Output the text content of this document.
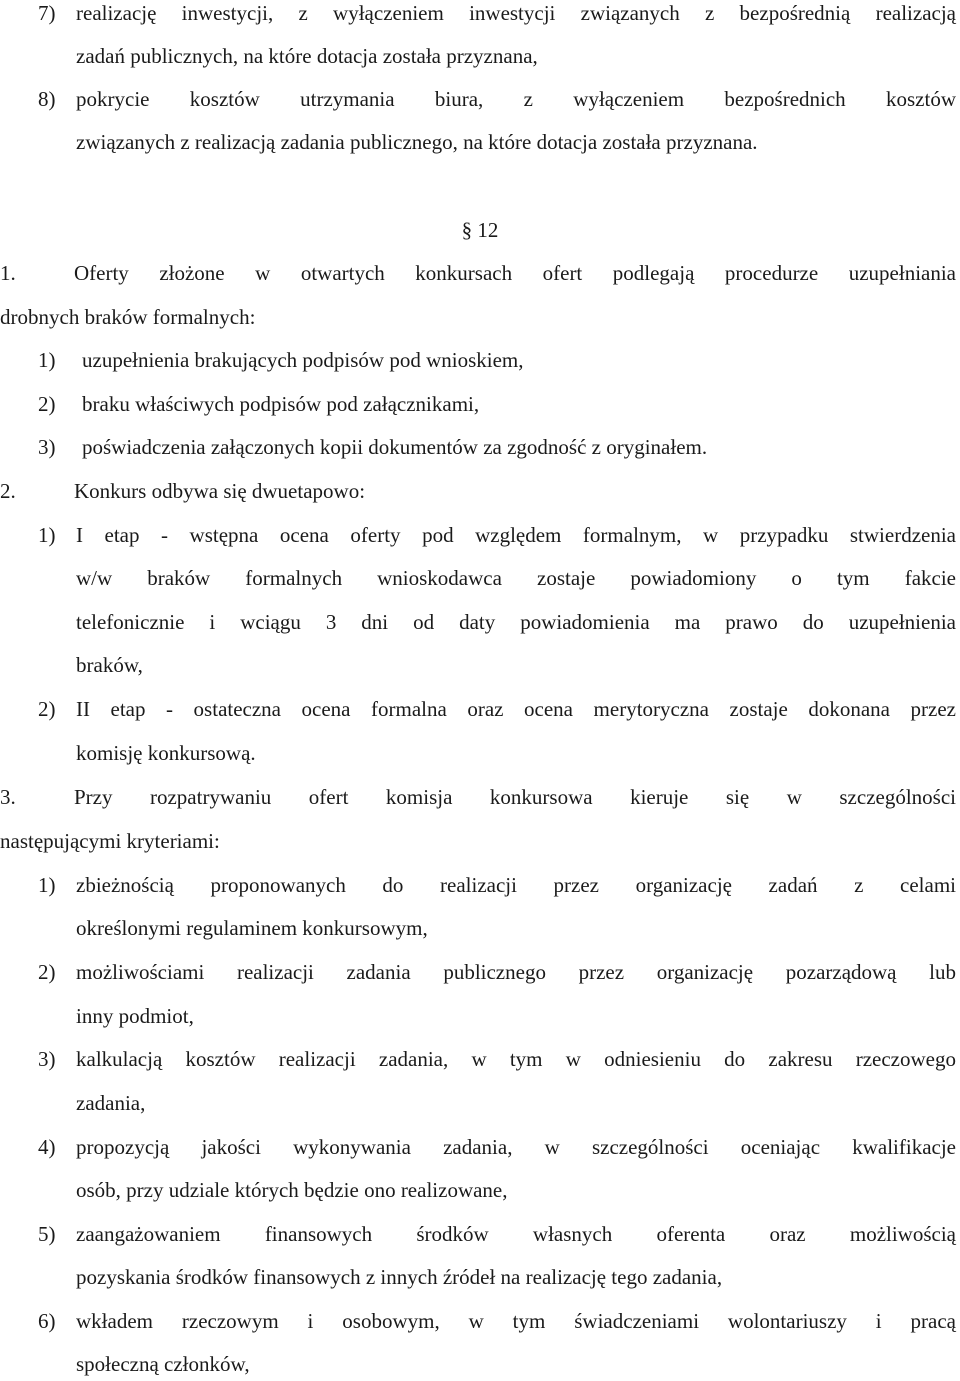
7) realizację inwestycji, z wyłączeniem inwestycji związanych z bezpośrednią realizacją
zadań publicznych, na które dotacja została przyznana,
8) pokrycie kosztów utrzymania biura, z wyłączeniem bezpośrednich kosztów
związanych z realizacją zadania publicznego, na które dotacja została przyznana.
§ 12
1.	Oferty złożone w otwartych konkursach ofert podlegają procedurze uzupełniania
drobnych braków formalnych:
1) uzupełnienia brakujących podpisów pod wnioskiem,
2) braku właściwych podpisów pod załącznikami,
3) poświadczenia załączonych kopii dokumentów za zgodność z oryginałem.
2.	Konkurs odbywa się dwuetapowo:
1) I etap - wstępna ocena oferty pod względem formalnym, w przypadku stwierdzenia
w/w braków formalnych wnioskodawca zostaje powiadomiony o tym fakcie
telefonicznie i wciągu 3 dni od daty powiadomienia ma prawo do uzupełnienia
braków,
2) II etap - ostateczna ocena formalna oraz ocena merytoryczna zostaje dokonana przez
komisję konkursową.
3.	Przy rozpatrywaniu ofert komisja konkursowa kieruje się w szczególności
następującymi kryteriami:
1) zbieżnością proponowanych do realizacji przez organizację zadań z celami
określonymi regulaminem konkursowym,
2) możliwościami realizacji zadania publicznego przez organizację pozarządową lub
inny podmiot,
3) kalkulacją kosztów realizacji zadania, w tym w odniesieniu do zakresu rzeczowego
zadania,
4) propozycją jakości wykonywania zadania, w szczególności oceniając kwalifikacje
osób, przy udziale których będzie ono realizowane,
5) zaangażowaniem finansowych środków własnych oferenta oraz możliwością
pozyskania środków finansowych z innych źródeł na realizację tego zadania,
6) wkładem rzeczowym i osobowym, w tym świadczeniami wolontariuszy i pracą
społeczną członków,
